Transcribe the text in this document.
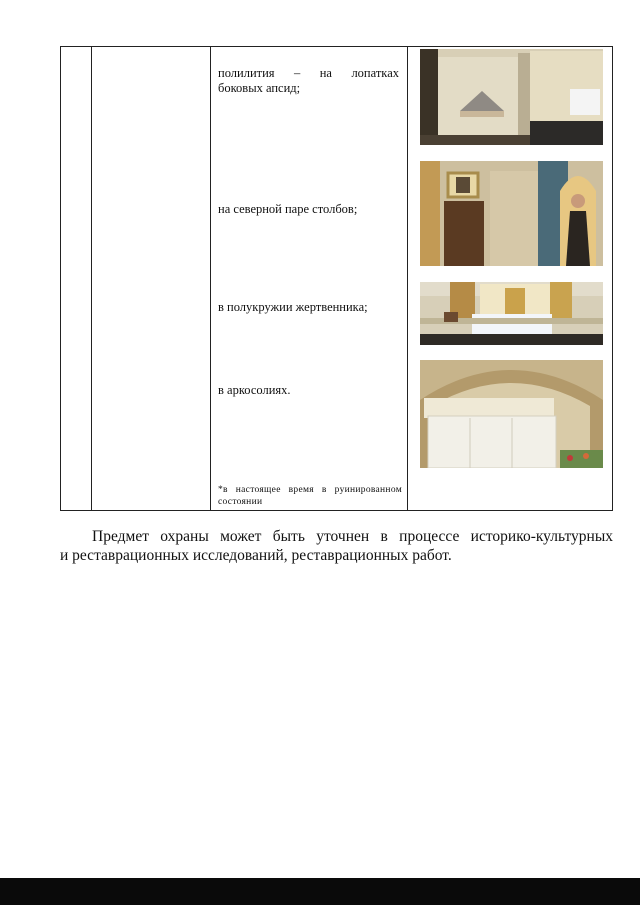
полилития – на лопатках
боковых апсид;
на северной паре столбов;
в полукружии жертвенника;
в аркосолиях.
*в настоящее время в руинированном
состоянии

Предмет охраны может быть уточнен в процессе историко-культурных

и реставрационных исследований, реставрационных работ.
